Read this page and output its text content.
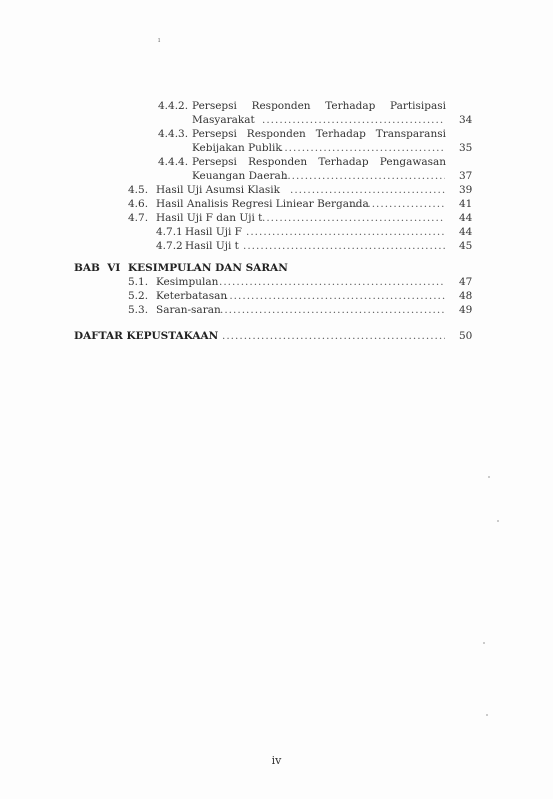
ı
4.4.2. Persepsi Responden Terhadap Partisipasi
Masyarakat .....	34
4.4.3. Persepsi Responden Terhadap Transparansi
Kebijakan Publik .....	35
4.4.4. Persepsi Responden Terhadap Pengawasan
Keuangan Daerah .....	37
4.5. Hasil Uji Asumsi Klasik .....	39
4.6. Hasil Analisis Regresi Liniear Berganda .....	41
4.7. Hasil Uji F dan Uji t .....	44
4.7.1 Hasil Uji F .....	44
4.7.2 Hasil Uji t .....	45
BAB  VI KESIMPULAN DAN SARAN
5.1. Kesimpulan .....	47
5.2. Keterbatasan .....	48
5.3. Saran-saran .....	49
DAFTAR KEPUSTAKAAN .....	50
iv
